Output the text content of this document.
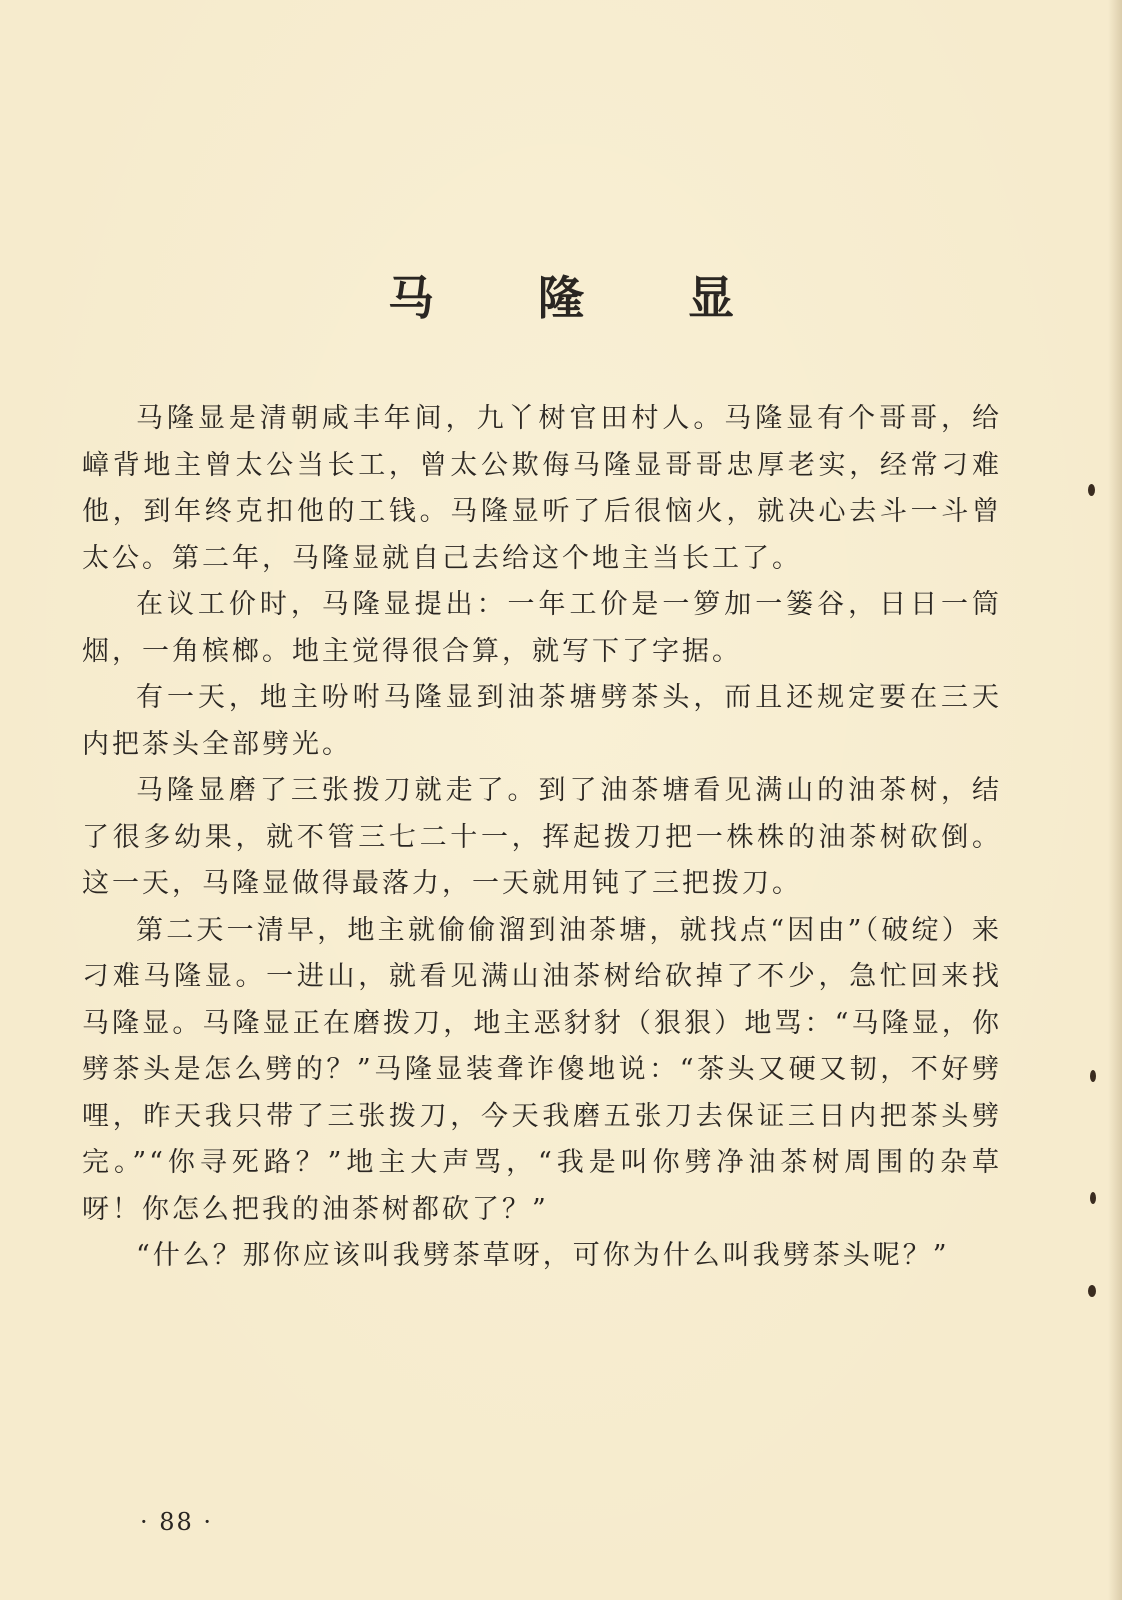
马 隆 显

马隆显是清朝咸丰年间，九丫树官田村人。马隆显有个哥哥，给嶂背地主曾太公当长工，曾太公欺侮马隆显哥哥忠厚老实，经常刁难他，到年终克扣他的工钱。马隆显听了后很恼火，就决心去斗一斗曾太公。第二年，马隆显就自己去给这个地主当长工了。

在议工价时，马隆显提出：一年工价是一箩加一篓谷，日日一筒烟，一角槟榔。地主觉得很合算，就写下了字据。

有一天，地主吩咐马隆显到油茶塘劈茶头，而且还规定要在三天内把茶头全部劈光。

马隆显磨了三张拨刀就走了。到了油茶塘看见满山的油茶树，结了很多幼果，就不管三七二十一，挥起拨刀把一株株的油茶树砍倒。这一天，马隆显做得最落力，一天就用钝了三把拨刀。

第二天一清早，地主就偷偷溜到油茶塘，就找点“因由”（破绽）来刁难马隆显。一进山，就看见满山油茶树给砍掉了不少，急忙回来找马隆显。马隆显正在磨拨刀，地主恶豺豺（狠狠）地骂：“马隆显，你劈茶头是怎么劈的？”马隆显装聋诈傻地说：“茶头又硬又韧，不好劈哩，昨天我只带了三张拨刀，今天我磨五张刀去保证三日内把茶头劈完。”“你寻死路？”地主大声骂，“我是叫你劈净油茶树周围的杂草呀！你怎么把我的油茶树都砍了？”

“什么？那你应该叫我劈茶草呀，可你为什么叫我劈茶头呢？”

· 88 ·
